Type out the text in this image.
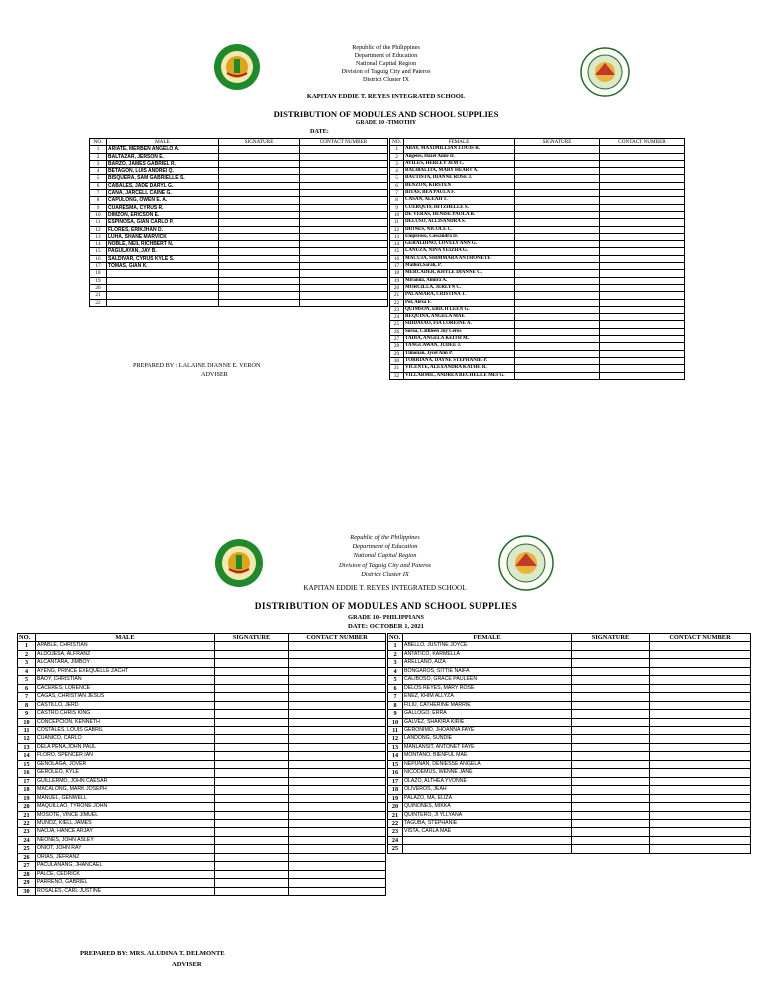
Republic of the Philippines
Department of Education
National Capital Region
Division of Taguig City and Pateros
District Cluster IX
KAPITAN EDDIE T. REYES INTEGRATED SCHOOL
DISTRIBUTION OF MODULES AND SCHOOL SUPPLIES
GRADE 10 -TIMOTHY
DATE:
NO.	MALE	SIGNATURE	CONTACT NUMBER
1	ARIATE, MERBEN ANGELO A.		
2	BALTAZAR, JERSON E.		
3	BARZO, JAMES GABRIEL R.		
4	BETAGON, LUIS ANDREI Q.		
5	BISQUERA, SAM GABRIELLE S.		
6	CABALES, JADE DARYL G.		
7	CANA, JARCELL CAINE G.		
8	CAPULONG, OWEN E. A.		
9	CUARESMA, CYRUS R.		
10	DIMZON, ERICSON E.		
11	ESPINOSA, GIAN CARLO P.		
12	FLORES, ERIKJHAN D.		
13	LUHA, SHANE MARVICK		
14	NOBLE, NEIL RICHBERT N.		
15	PAGULAYAN, JAY B.		
16	SALDIVAR, CYRUS KYLE S.		
17	TOMAS, GIAN K.		
18			
19			
20			
21			
22			
NO.	FEMALE	SIGNATURE	CONTACT NUMBER
1	ABAY, MAXIMILLIAN LOUIS R.		
2	Angeles, Hazel Anne D.		
3	AVILES, HERLEY JEM C.		
4	BALIBALITA, MARY HEART A.		
5	BAUTISTA, DIANNE ROSE J.		
6	BENZON, KIRSTEN		
7	BITAS, BEA PAULA F.		
8	CASAN, ALEAH T.		
9	CUERQUIS, HITZHELLE S.		
10	DE VERAS, DENISE PAOLA B.		
11	DELUSO, ALLISANDRA S.		
12	DIONES, NICOLE C.		
13	Emperoso, Cassandra D.		
14	GERALDINO, LOVELY ANN G.		
15	LANUZA, NIÑA YEIZHA G.		
16	MACUJA, SHIMMARA ANTHONETE		
17	Malluri,Sarah, P.		
18	MERCADER, KHYLE DIANNE C.		
19	Miranda, Almira A.		
20	MORCILLA, JERLYN C.		
21	PALAMARA, CRISTINA T.		
22	Pol, Alexa F.		
23	QUIMSON, ERICH LEEN G.		
24	REQUINA, ANGELA MAE		
25	SIDDAYAO, FIA LOREINE A.		
26	Soroa, Cathleen Joy Ceros		
27	TADIA, ANGELA KEITH M.		
28	TANGCAWAN, JUDEE J.		
29	Timonan, Jycel Ann P.		
30	TORRIANA, DAYNE STEPHANIE P.		
31	VICENTE, ALEXANDRA KATHE R.		
32	VILLARMIL, ANDREA RECHELLE MEI G.		
PREPARED BY : LALAINE DIANNE E. VERON
ADVISER
Republic of the Philippines
Department of Education
National Capital Region
Division of Taguig City and Pateros
District Cluster IX
KAPITAN EDDIE T. REYES INTEGRATED SCHOOL
DISTRIBUTION OF MODULES AND SCHOOL SUPPLIES
GRADE 10- PHILIPPIANS
DATE: OCTOBER 1, 2021
NO.	MALE	SIGNATURE	CONTACT NUMBER
1	APABLE, CHRISTIAN		
2	ALDOJESA, ALFRANZ		
3	ALCANTARA, JIMBOY		
4	AYENG, PRINCE EXEQUELLE ZACHT		
5	BAOY, CHRISTIAN		
6	CACERES, LORENCE		
7	CAGAS, CHRISTIAN JESUS		
8	CASTILLO, JERD		
9	CASTRO CHRIS KING		
10	CONCEPCION, KENNETH		
11	COSTALES, LOUIS GABRIL		
12	CUANICO, CARLO		
13	DELA PENA,JOHN PAUL		
14	FLORO, SPENCER IAN		
15	GENOLAGA, JOVER		
16	GEROLEO, KYLE		
17	GUILLERMO, JOHN CAESAR		
18	MACALONG, MARK JOSEPH		
19	MANUEL, GENWELL		
20	MAQUILLAO, TYRONE JOHN		
21	MOSOTE, VINCE JIMUEL		
22	MUNOZ, KIELL JAMES		
23	NAOJA, HANCE ARJAY		
24	NEONES, JOHN ASLEY		
25	ONIOT, JOHN RAY		
26	ORIAS, JEFRANZ		
27	PACULANANG, JHANCAEL		
28	PALCE, CEDRICK		
29	PARRENO, GABRIEL		
30	ROSALES, CARL JUSTINE		
NO.	FEMALE	SIGNATURE	CONTACT NUMBER
1	ABELLO, JUSTINE JOYCE		
2	ANTATICO, KARMELLA		
3	ARELLANO, AIZA		
4	BONGAROS, SITTIE NAIFA		
5	CALIBOSO, GRACE PAULEEN		
6	DELOS REYES, MARY ROSE		
7	ENEZ, KHIM ALLYZA		
8	FILIU, CATHERINE MARRIE		
9	GALLOGO, ERRA		
10	GALVEZ, SHAKIRA KIRIE		
11	GERONIMO, JHOANNA FAYE		
12	LANDONG, SUNDIE		
13	MANLANSIT, ANTONET FAYE		
14	MONTANO, BIENFUL MAE		
15	NEPUNAN, DENIESSE ANGELA		
16	NICODEMUS, WENNE JANE		
17	OLAZO, ALTHEA YVONNE		
18	OLIVEROS, JEAH		
19	PALAZO, MA. ELIZA		
20	QUINONES, MIKKA		
21	QUINTERO, JI YLLYANA		
22	TAGUBA, STEPHANIE		
23	VISTA, CARLA MAE		
24			
25			
PREPARED BY: MRS. ALUDINA T. DELMONTE
ADVISER
